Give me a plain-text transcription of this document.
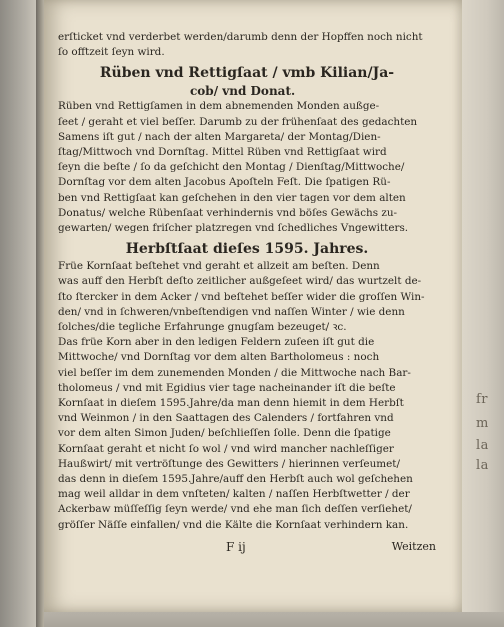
fr
m
la
la
erſticket vnd verderbet werden/darumb denn der Hopffen noch nicht
ſo offtzeit ſeyn wird.
Rüben vnd Rettigſaat / vmb Kilian/Ja-
cob/ vnd Donat.
Rüben vnd Rettigſamen in dem abnemenden Monden außge-
ſeet / geraht et viel beſſer. Darumb zu der frühenſaat des gedachten
Samens iſt gut / nach der alten Margareta/ der Montag/Dien-
ſtag/Mittwoch vnd Dornſtag. Mittel Rüben vnd Rettigſaat wird
ſeyn die beſte / ſo da geſchicht den Montag / Dienſtag/Mittwoche/
Dornſtag vor dem alten Jacobus Apoſteln Feſt. Die ſpatigen Rü-
ben vnd Rettigſaat kan geſchehen in den vier tagen vor dem alten
Donatus/ welche Rübenſaat verhindernis vnd böſes Gewächs zu-
gewarten/ wegen friſcher platzregen vnd ſchedliches Vngewitters.
Herbſtſaat dieſes 1595. Jahres.
Früe Kornſaat beſtehet vnd geraht et allzeit am beſten. Denn
was auff den Herbſt deſto zeitlicher außgeſeet wird/ das wurtzelt de-
ſto ſtercker in dem Acker / vnd beſtehet beſſer wider die groſſen Win-
den/ vnd in ſchweren/vnbeſtendigen vnd naſſen Winter / wie denn
ſolches/die tegliche Erfahrunge gnugſam bezeuget/ ꝛc.
Das früe Korn aber in den ledigen Feldern zuſeen iſt gut die
Mittwoche/ vnd Dornſtag vor dem alten Bartholomeus : noch
viel beſſer im dem zunemenden Monden / die Mittwoche nach Bar-
tholomeus / vnd mit Egidius vier tage nacheinander iſt die beſte
Kornſaat in dieſem 1595.Jahre/da man denn hiemit in dem Herbſt
vnd Weinmon / in den Saattagen des Calenders / fortfahren vnd
vor dem alten Simon Juden/ beſchlieſſen ſolle. Denn die ſpatige
Kornſaat geraht et nicht ſo wol / vnd wird mancher nachleſſiger
Haußwirt/ mit vertröſtunge des Gewitters / hierinnen verſeumet/
das denn in dieſem 1595.Jahre/auff den Herbſt auch wol geſchehen
mag weil alldar in dem vnſteten/ kalten / naſſen Herbſtwetter / der
Ackerbaw müſſeſſig ſeyn werde/ vnd ehe man ſich deſſen verſiehet/
gröſſer Näſſe einfallen/ vnd die Kälte die Kornſaat verhindern kan.
F ij	Weitzen
